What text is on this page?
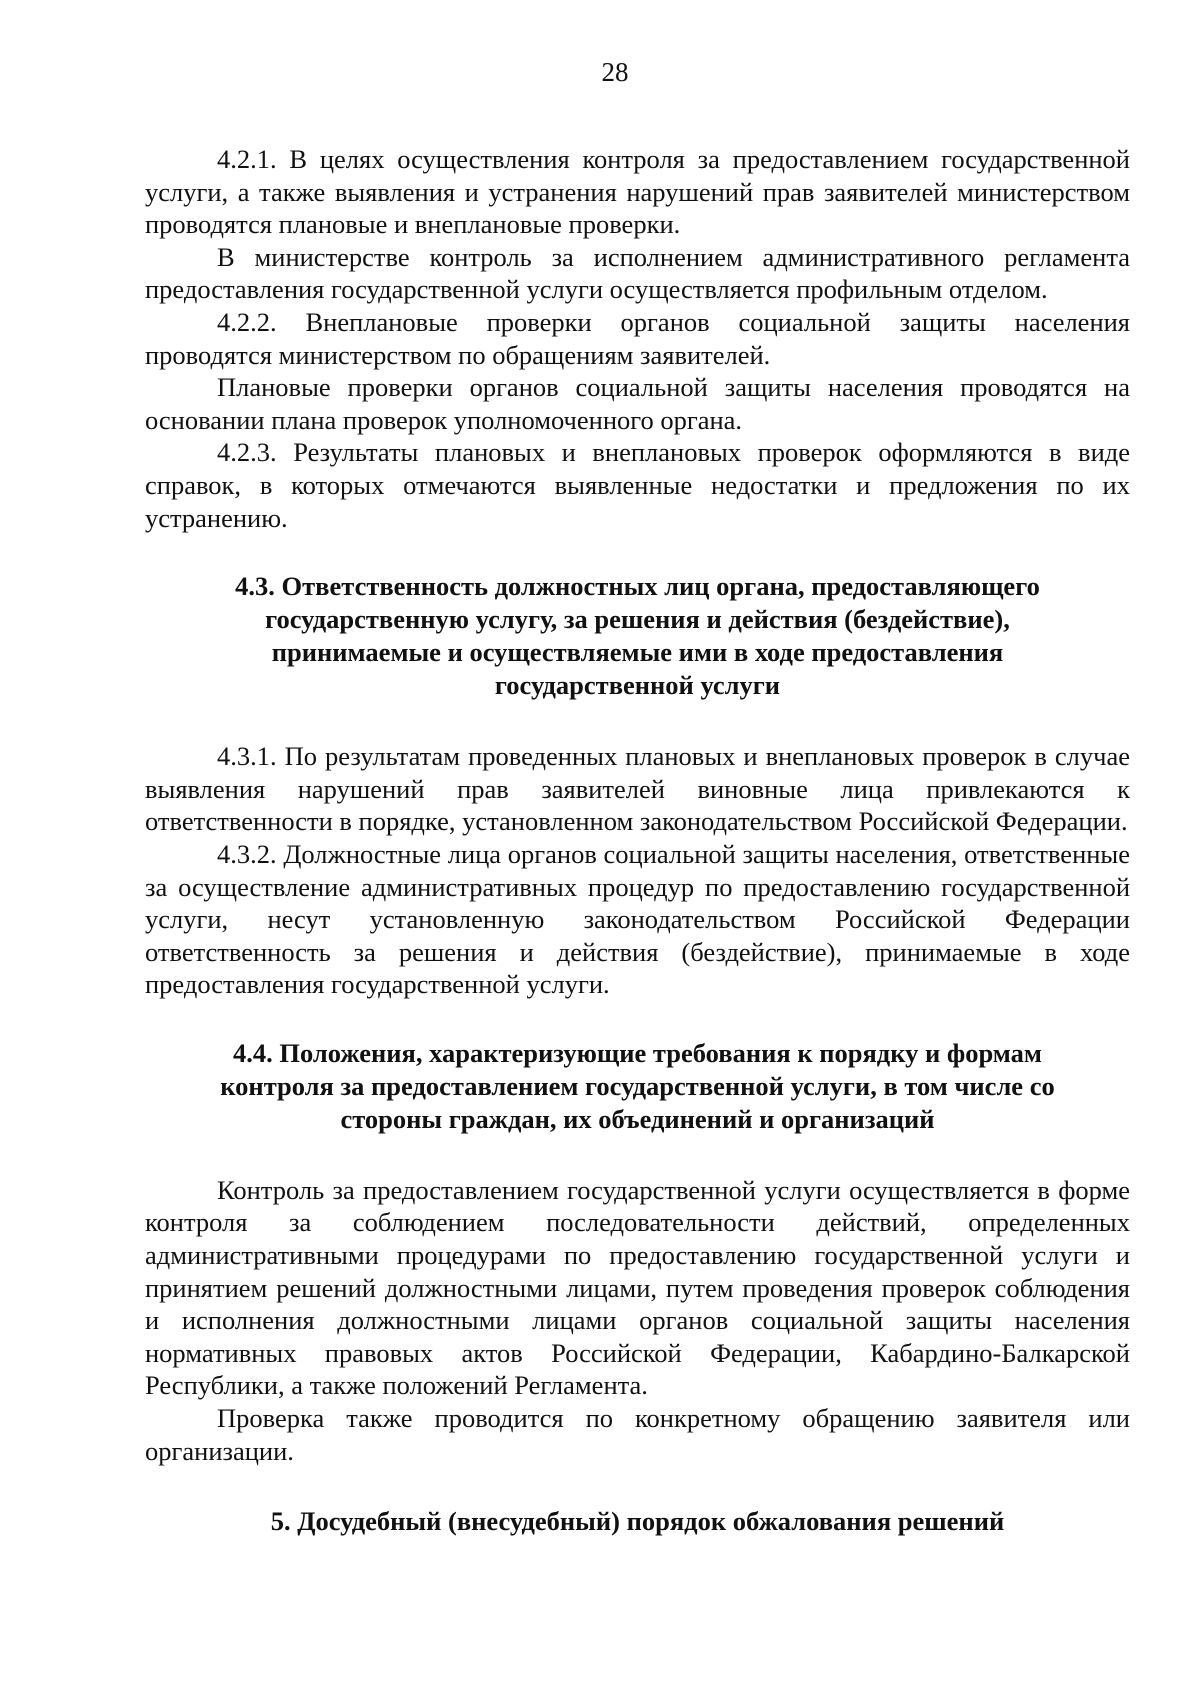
28

4.2.1. В целях осуществления контроля за предоставлением государственной услуги, а также выявления и устранения нарушений прав заявителей министерством проводятся плановые и внеплановые проверки.

В министерстве контроль за исполнением административного регламента предоставления государственной услуги осуществляется профильным отделом.

4.2.2. Внеплановые проверки органов социальной защиты населения проводятся министерством по обращениям заявителей.

Плановые проверки органов социальной защиты населения проводятся на основании плана проверок уполномоченного органа.

4.2.3. Результаты плановых и внеплановых проверок оформляются в виде справок, в которых отмечаются выявленные недостатки и предложения по их устранению.

4.3. Ответственность должностных лиц органа, предоставляющего государственную услугу, за решения и действия (бездействие), принимаемые и осуществляемые ими в ходе предоставления государственной услуги

4.3.1. По результатам проведенных плановых и внеплановых проверок в случае выявления нарушений прав заявителей виновные лица привлекаются к ответственности в порядке, установленном законодательством Российской Федерации.

4.3.2. Должностные лица органов социальной защиты населения, ответственные за осуществление административных процедур по предоставлению государственной услуги, несут установленную законодательством Российской Федерации ответственность за решения и действия (бездействие), принимаемые в ходе предоставления государственной услуги.

4.4. Положения, характеризующие требования к порядку и формам контроля за предоставлением государственной услуги, в том числе со стороны граждан, их объединений и организаций

Контроль за предоставлением государственной услуги осуществляется в форме контроля за соблюдением последовательности действий, определенных административными процедурами по предоставлению государственной услуги и принятием решений должностными лицами, путем проведения проверок соблюдения и исполнения должностными лицами органов социальной защиты населения нормативных правовых актов Российской Федерации, Кабардино-Балкарской Республики, а также положений Регламента.

Проверка также проводится по конкретному обращению заявителя или организации.

5. Досудебный (внесудебный) порядок обжалования решений
